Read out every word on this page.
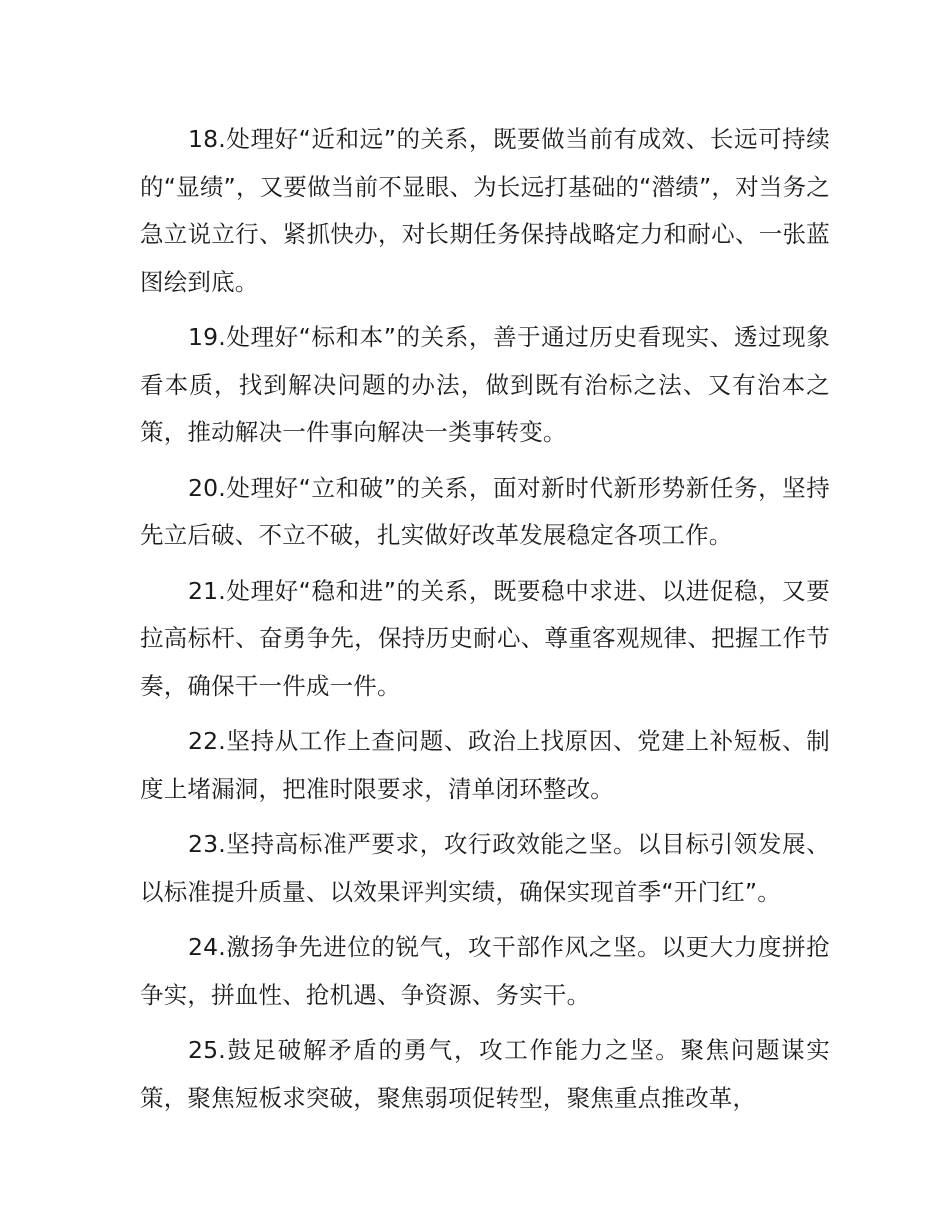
18.处理好“近和远”的关系，既要做当前有成效、长远可持续的“显绩”，又要做当前不显眼、为长远打基础的“潜绩”，对当务之急立说立行、紧抓快办，对长期任务保持战略定力和耐心、一张蓝图绘到底。

19.处理好“标和本”的关系，善于通过历史看现实、透过现象看本质，找到解决问题的办法，做到既有治标之法、又有治本之策，推动解决一件事向解决一类事转变。

20.处理好“立和破”的关系，面对新时代新形势新任务，坚持先立后破、不立不破，扎实做好改革发展稳定各项工作。

21.处理好“稳和进”的关系，既要稳中求进、以进促稳，又要拉高标杆、奋勇争先，保持历史耐心、尊重客观规律、把握工作节奏，确保干一件成一件。

22.坚持从工作上查问题、政治上找原因、党建上补短板、制度上堵漏洞，把准时限要求，清单闭环整改。

23.坚持高标准严要求，攻行政效能之坚。以目标引领发展、以标准提升质量、以效果评判实绩，确保实现首季“开门红”。

24.激扬争先进位的锐气，攻干部作风之坚。以更大力度拼抢争实，拼血性、抢机遇、争资源、务实干。

25.鼓足破解矛盾的勇气，攻工作能力之坚。聚焦问题谋实策，聚焦短板求突破，聚焦弱项促转型，聚焦重点推改革，
